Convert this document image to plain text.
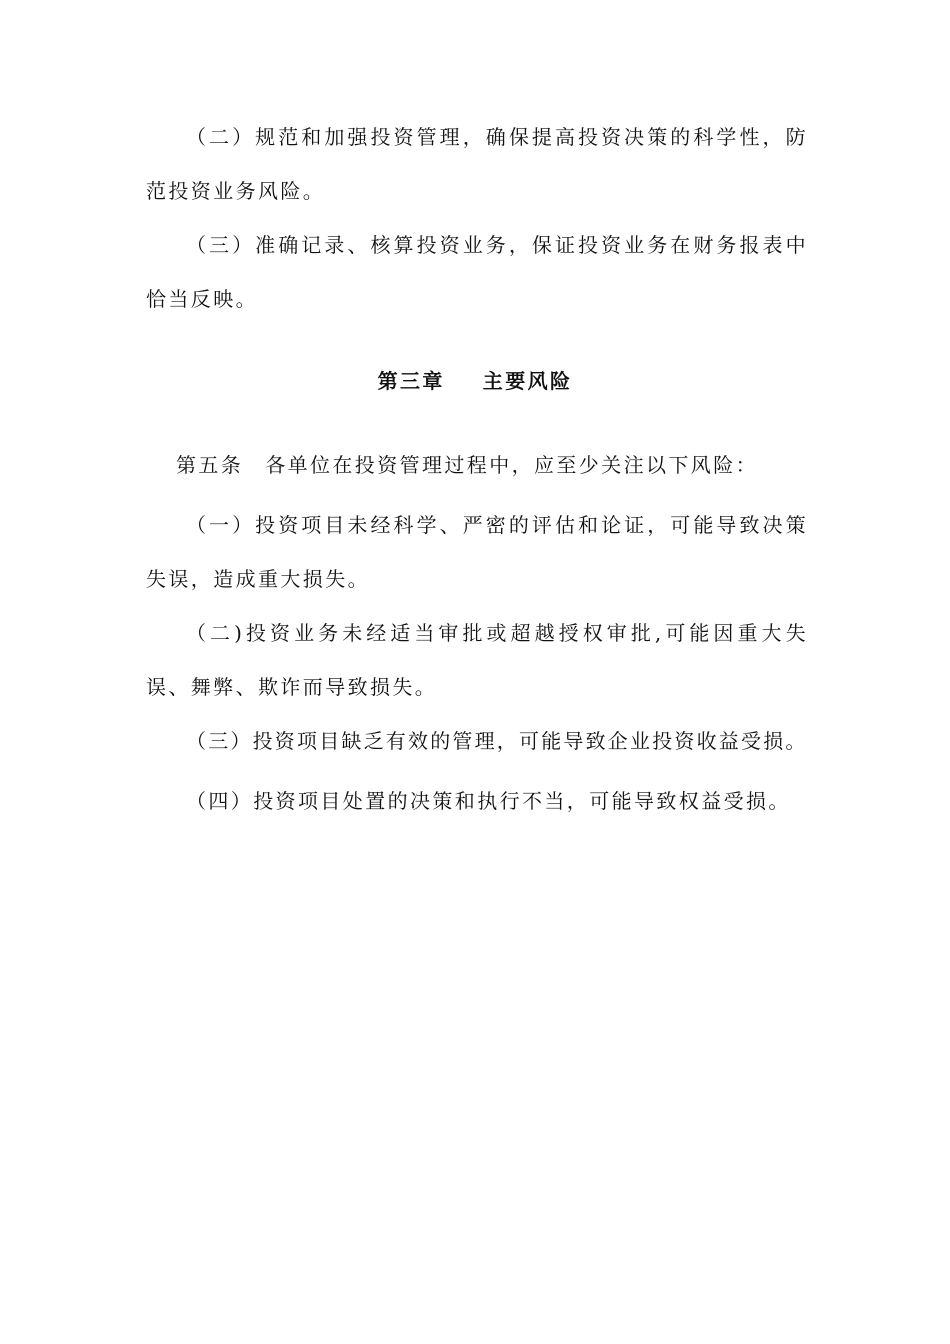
（二）规范和加强投资管理，确保提高投资决策的科学性，防范投资业务风险。

（三）准确记录、核算投资业务，保证投资业务在财务报表中恰当反映。

第三章 主要风险

第五条 各单位在投资管理过程中，应至少关注以下风险：

（一）投资项目未经科学、严密的评估和论证，可能导致决策失误，造成重大损失。

（二)投资业务未经适当审批或超越授权审批,可能因重大失误、舞弊、欺诈而导致损失。

（三）投资项目缺乏有效的管理，可能导致企业投资收益受损。

（四）投资项目处置的决策和执行不当，可能导致权益受损。
